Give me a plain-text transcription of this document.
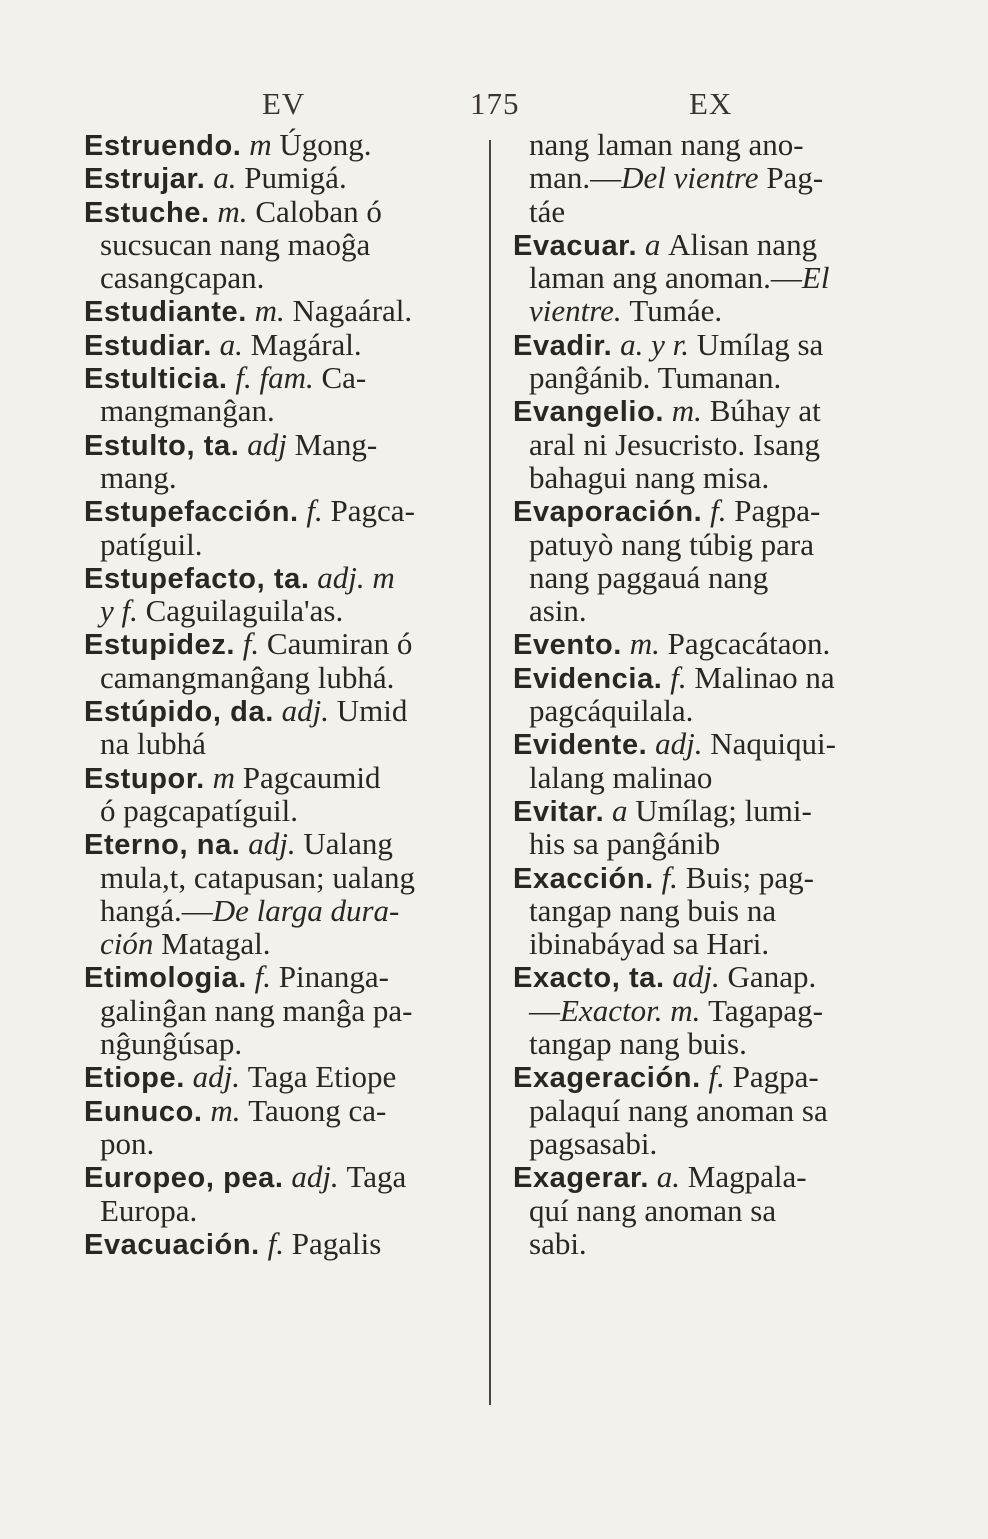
EV	175	EX
Estruendo. m Úgong.
Estrujar. a. Pumigá.
Estuche. m. Caloban ó
sucsucan nang maoĝa
casangcapan.
Estudiante. m. Nagaáral.
Estudiar. a. Magáral.
Estulticia. f. fam. Ca-
mangmanĝan.
Estulto, ta. adj Mang-
mang.
Estupefacción. f. Pagca-
patíguil.
Estupefacto, ta. adj. m
y f. Caguilaguila'as.
Estupidez. f. Caumiran ó
camangmanĝang lubhá.
Estúpido, da. adj. Umid
na lubhá
Estupor. m Pagcaumid
ó pagcapatíguil.
Eterno, na. adj. Ualang
mula,t, catapusan; ualang
hangá.—De larga dura-
ción Matagal.
Etimologia. f. Pinanga-
galinĝan nang manĝa pa-
nĝunĝúsap.
Etiope. adj. Taga Etiope
Eunuco. m. Tauong ca-
pon.
Europeo, pea. adj. Taga
Europa.
Evacuación. f. Pagalis
nang laman nang ano-
man.—Del vientre Pag-
táe
Evacuar. a Alisan nang
laman ang anoman.—El
vientre. Tumáe.
Evadir. a. y r. Umílag sa
panĝánib. Tumanan.
Evangelio. m. Búhay at
aral ni Jesucristo. Isang
bahagui nang misa.
Evaporación. f. Pagpa-
patuyò nang túbig para
nang paggauá nang
asin.
Evento. m. Pagcacátaon.
Evidencia. f. Malinao na
pagcáquilala.
Evidente. adj. Naquiqui-
lalang malinao
Evitar. a Umílag; lumi-
his sa panĝánib
Exacción. f. Buis; pag-
tangap nang buis na
ibinabáyad sa Hari.
Exacto, ta. adj. Ganap.
—Exactor. m. Tagapag-
tangap nang buis.
Exageración. f. Pagpa-
palaquí nang anoman sa
pagsasabi.
Exagerar. a. Magpala-
quí nang anoman sa
sabi.
